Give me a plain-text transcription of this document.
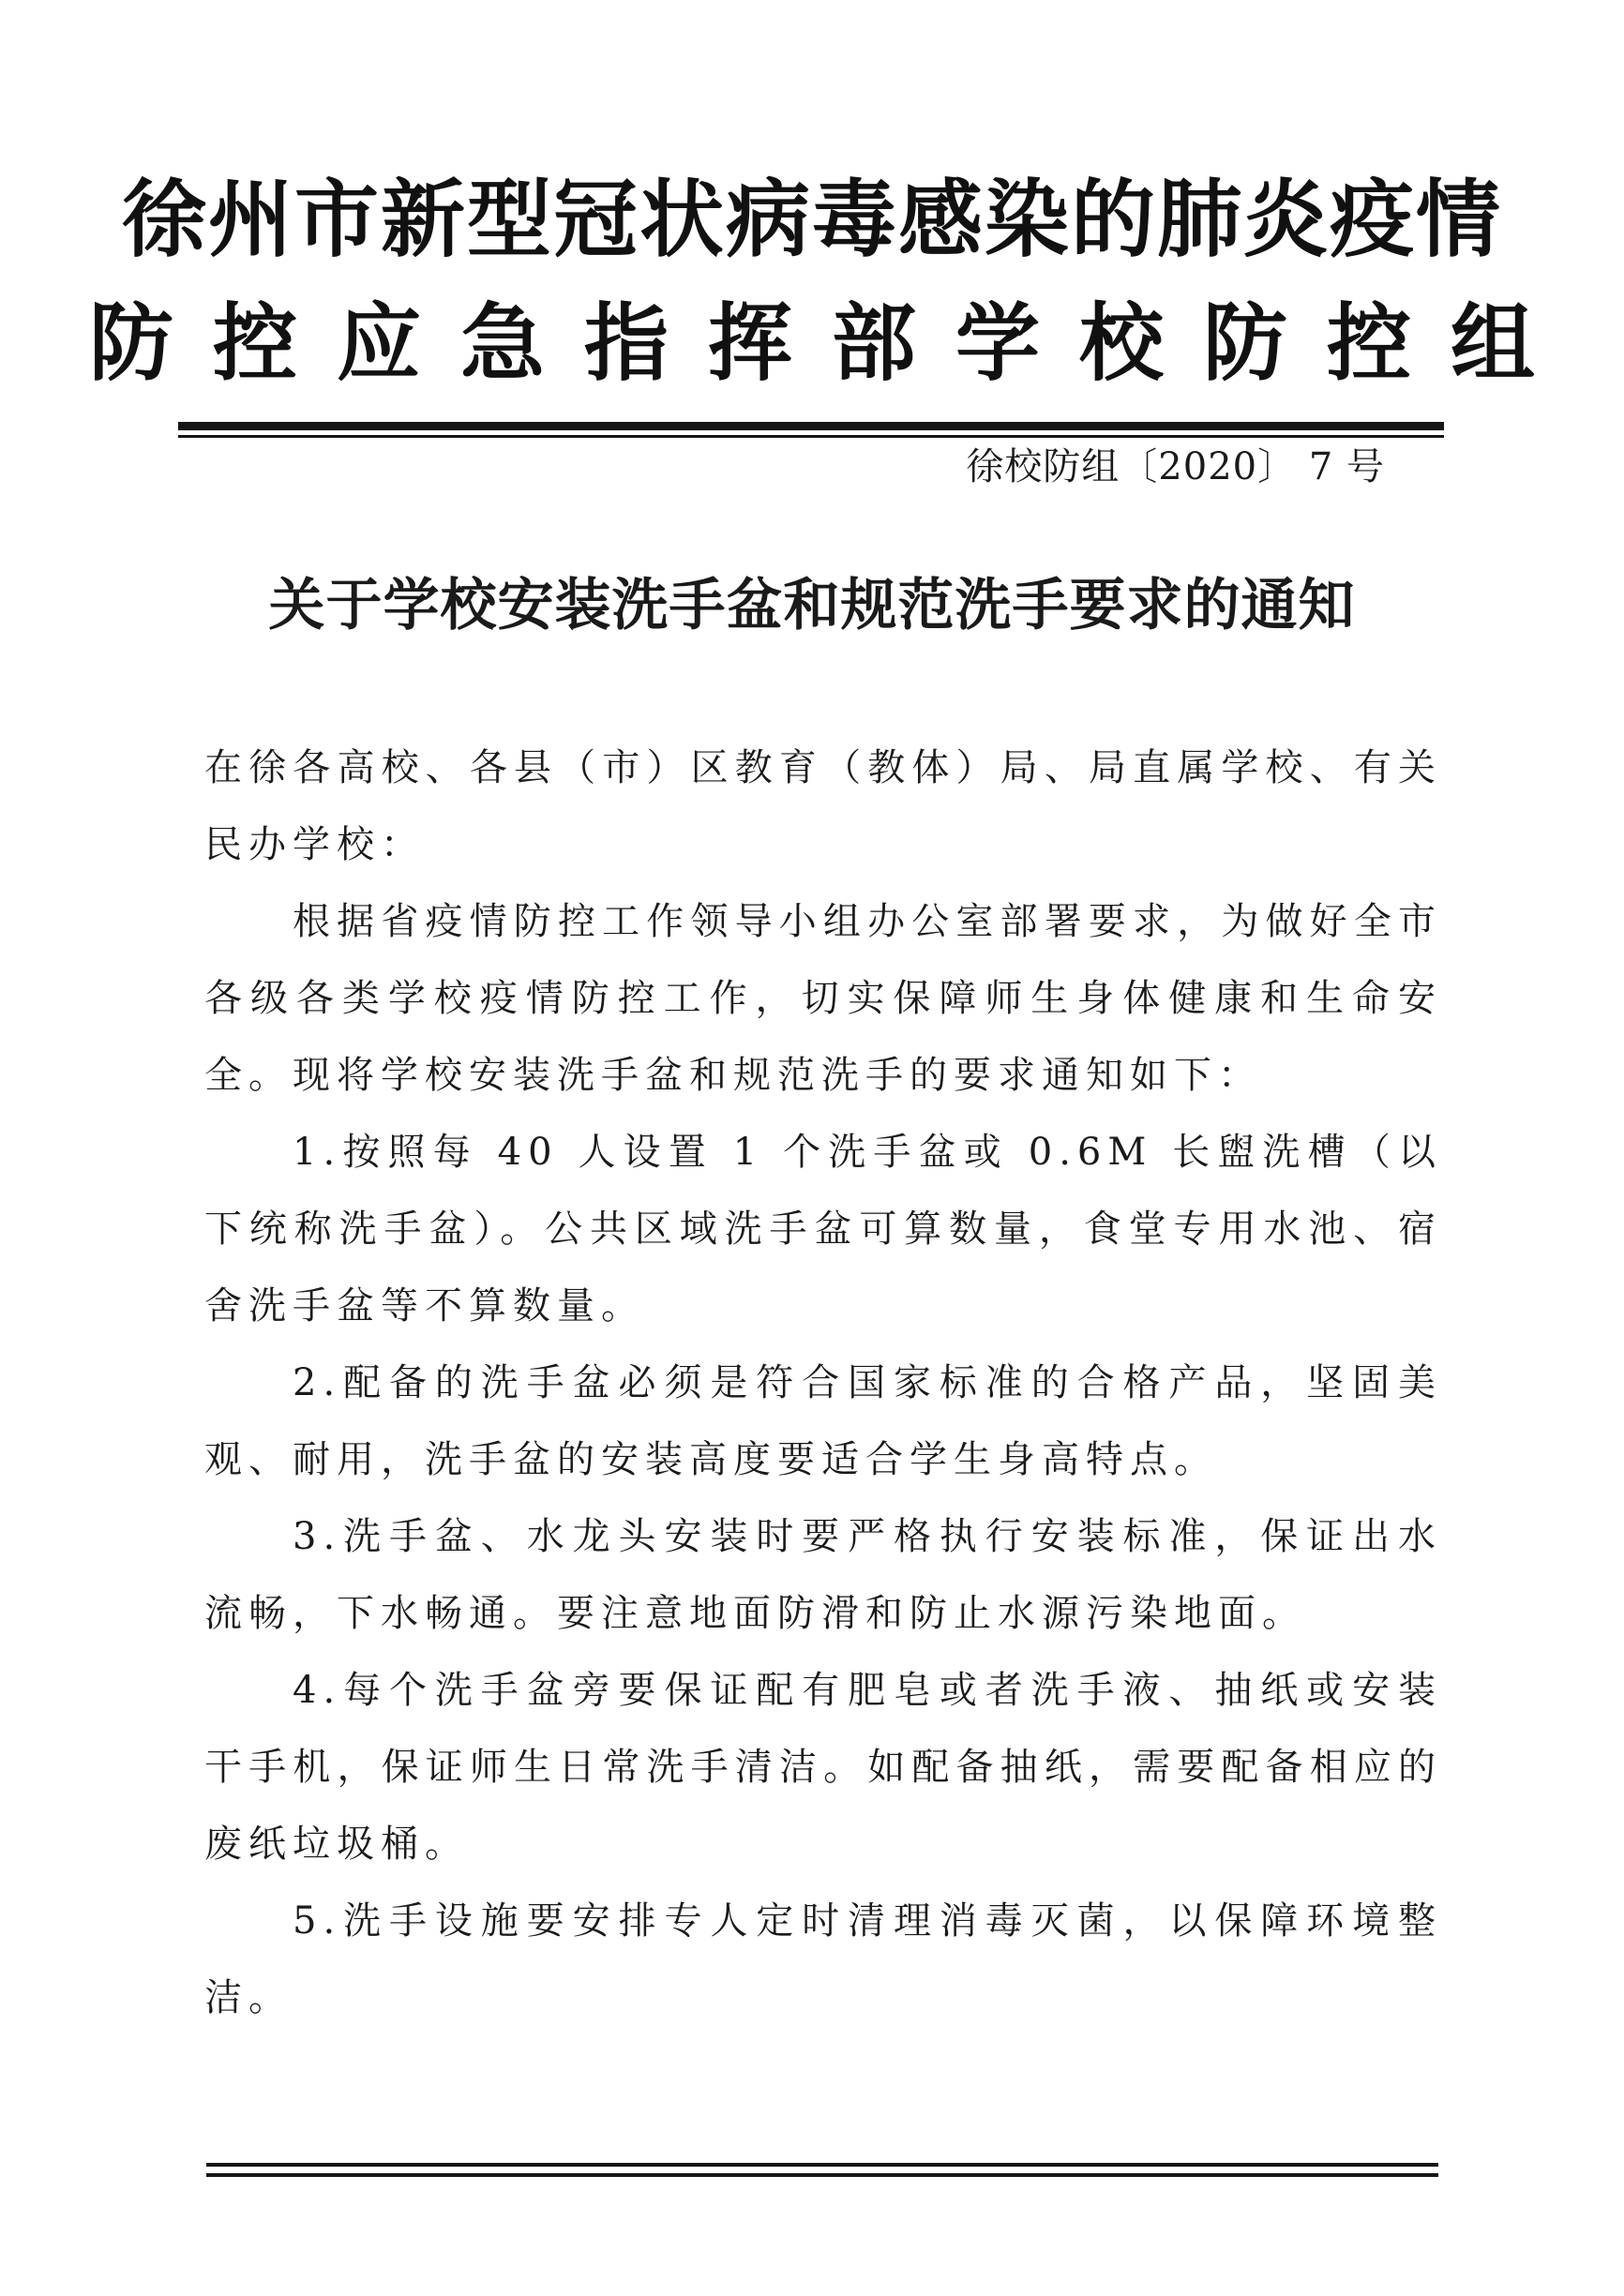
徐州市新型冠状病毒感染的肺炎疫情
防控应急指挥部学校防控组
徐校防组〔2020〕 7 号
关于学校安装洗手盆和规范洗手要求的通知

在徐各高校、各县（市）区教育（教体）局、局直属学校、有关民办学校：

根据省疫情防控工作领导小组办公室部署要求，为做好全市各级各类学校疫情防控工作，切实保障师生身体健康和生命安全。现将学校安装洗手盆和规范洗手的要求通知如下：

1.按照每 40 人设置 1 个洗手盆或 0.6M 长盥洗槽（以下统称洗手盆）。公共区域洗手盆可算数量，食堂专用水池、宿舍洗手盆等不算数量。

2.配备的洗手盆必须是符合国家标准的合格产品，坚固美观、耐用，洗手盆的安装高度要适合学生身高特点。

3.洗手盆、水龙头安装时要严格执行安装标准，保证出水流畅，下水畅通。要注意地面防滑和防止水源污染地面。

4.每个洗手盆旁要保证配有肥皂或者洗手液、抽纸或安装干手机，保证师生日常洗手清洁。如配备抽纸，需要配备相应的废纸垃圾桶。

5.洗手设施要安排专人定时清理消毒灭菌，以保障环境整洁。
